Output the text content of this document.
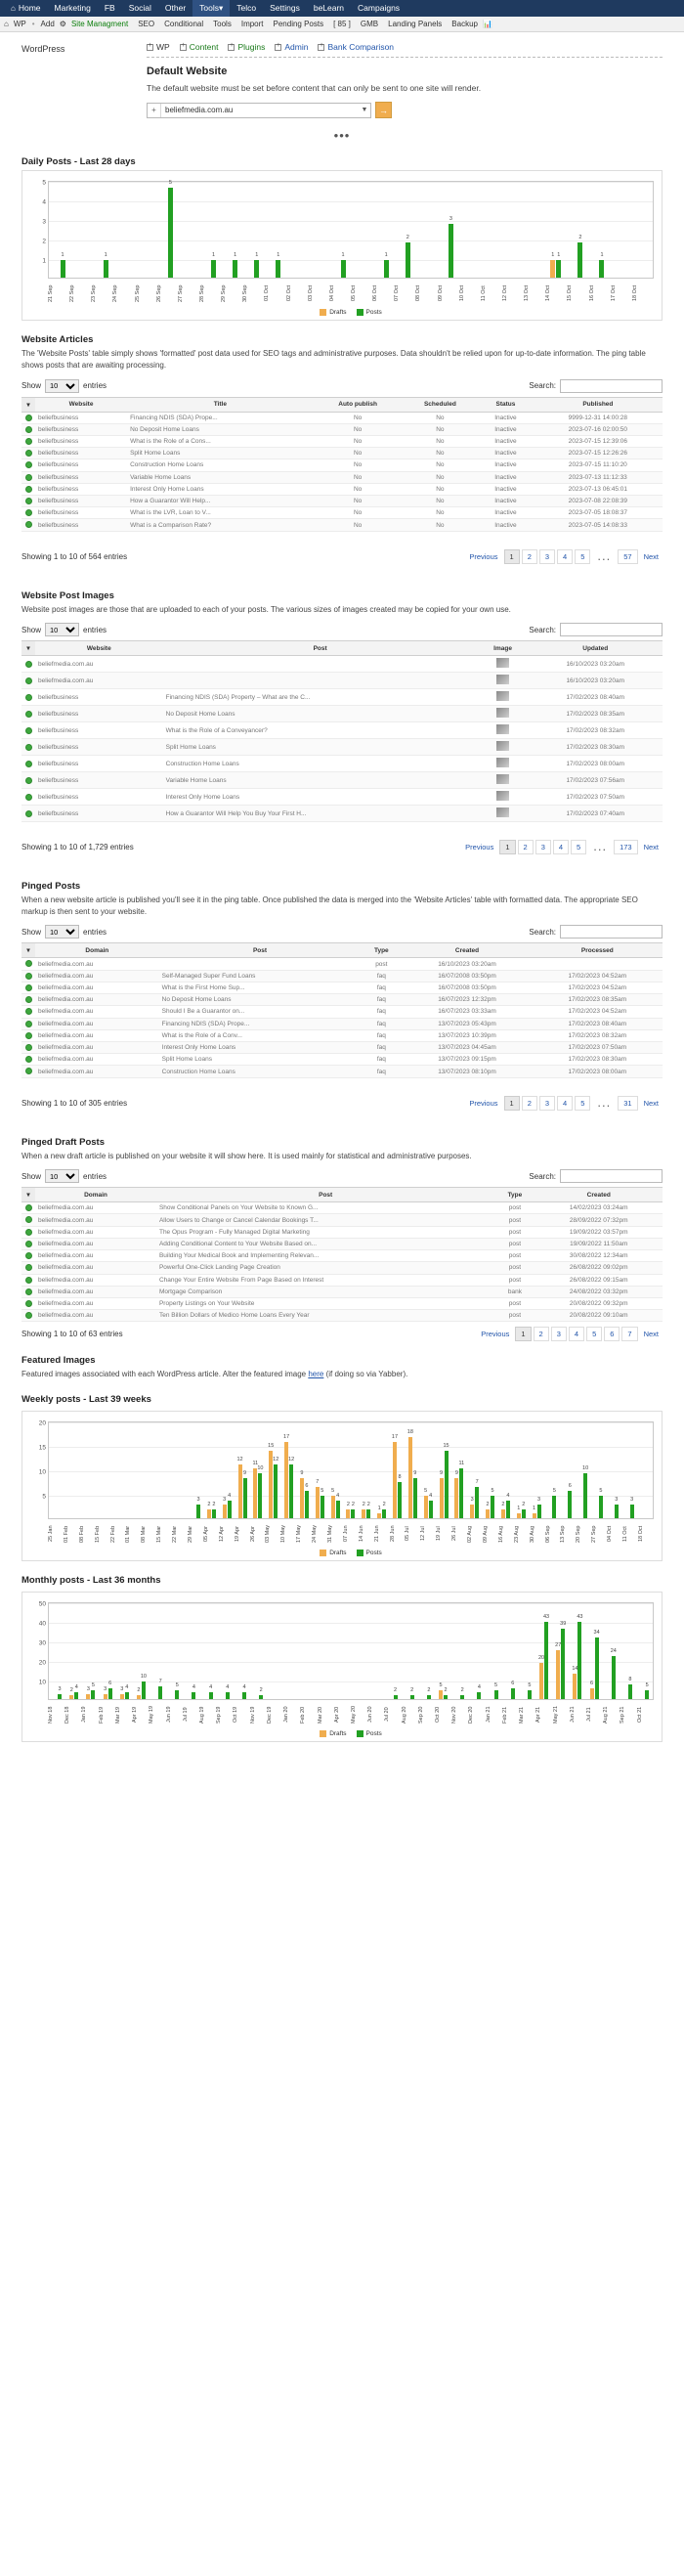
⌂ Home	Marketing	FB	Social	Other	Tools▾	Telco	Settings	beLearn	Campaigns
⌂ WP • Add ⚙ Site Managment	SEO	Conditional	Tools	Import	Pending Posts	[ 85 ]	GMB	Landing Panels	Backup 📊
WordPress +	WP + Content + Plugins + Admin + Bank Comparison
Default Website
The default website must be set before content that can only be sent to one site will render.
+	beliefmedia.com.au	▼	→
•••
Daily Posts - Last 28 days
1
2
3
4
5
1	1
5
1	1	1	1	1	1
2
3
1 1
2
1
21 Sep	22 Sep	23 Sep	24 Sep	25 Sep	26 Sep	27 Sep	28 Sep	29 Sep	30 Sep	01 Oct	02 Oct	03 Oct	04 Oct	05 Oct	06 Oct	07 Oct	08 Oct	09 Oct	10 Oct	11 Oct	12 Oct	13 Oct	14 Oct	15 Oct	16 Oct	17 Oct	18 Oct
Drafts	Posts
Website Articles
The 'Website Posts' table simply shows 'formatted' post data used for SEO tags and administrative purposes. Data shouldn't be relied upon for up-to-date information. The ping table shows posts that are awaiting processing.
Show
10	entries	Search:
▾	Website	Title	Auto publish	Scheduled	Status	Published
	beliefbusiness	Financing NDIS (SDA) Prope...	No	No	Inactive	9999-12-31 14:00:28
	beliefbusiness	No Deposit Home Loans	No	No	Inactive	2023-07-16 02:00:50
	beliefbusiness	What is the Role of a Cons...	No	No	Inactive	2023-07-15 12:39:06
	beliefbusiness	Split Home Loans	No	No	Inactive	2023-07-15 12:26:26
	beliefbusiness	Construction Home Loans	No	No	Inactive	2023-07-15 11:10:20
	beliefbusiness	Variable Home Loans	No	No	Inactive	2023-07-13 11:12:33
	beliefbusiness	Interest Only Home Loans	No	No	Inactive	2023-07-13 06:45:01
	beliefbusiness	How a Guarantor Will Help...	No	No	Inactive	2023-07-08 22:08:39
	beliefbusiness	What is the LVR, Loan to V...	No	No	Inactive	2023-07-05 18:08:37
	beliefbusiness	What is a Comparison Rate?	No	No	Inactive	2023-07-05 14:08:33
Showing 1 to 10 of 564 entries	Previous	1	2	3	4	5	...	57	Next
Website Post Images
Website post images are those that are uploaded to each of your posts. The various sizes of images created may be copied for your own use.
Show
10	entries	Search:
▾	Website	Post	Image	Updated
	beliefmedia.com.au			16/10/2023 03:20am
	beliefmedia.com.au			16/10/2023 03:20am
	beliefbusiness	Financing NDIS (SDA) Property – What are the C...		17/02/2023 08:40am
	beliefbusiness	No Deposit Home Loans		17/02/2023 08:35am
	beliefbusiness	What is the Role of a Conveyancer?		17/02/2023 08:32am
	beliefbusiness	Split Home Loans		17/02/2023 08:30am
	beliefbusiness	Construction Home Loans		17/02/2023 08:00am
	beliefbusiness	Variable Home Loans		17/02/2023 07:56am
	beliefbusiness	Interest Only Home Loans		17/02/2023 07:50am
	beliefbusiness	How a Guarantor Will Help You Buy Your First H...		17/02/2023 07:40am
Showing 1 to 10 of 1,729 entries	Previous	1	2	3	4	5	...	173	Next
Pinged Posts
When a new website article is published you'll see it in the ping table. Once published the data is merged into the 'Website Articles' table with formatted data. The appropriate SEO markup is then sent to your website.
Show
10	entries	Search:
▾	Domain	Post	Type	Created	Processed
	beliefmedia.com.au		post	16/10/2023 03:20am	
	beliefmedia.com.au	Self-Managed Super Fund Loans	faq	16/07/2008 03:50pm	17/02/2023 04:52am
	beliefmedia.com.au	What is the First Home Sup...	faq	16/07/2008 03:50pm	17/02/2023 04:52am
	beliefmedia.com.au	No Deposit Home Loans	faq	16/07/2023 12:32pm	17/02/2023 08:35am
	beliefmedia.com.au	Should I Be a Guarantor on...	faq	16/07/2023 03:33am	17/02/2023 04:52am
	beliefmedia.com.au	Financing NDIS (SDA) Prope...	faq	13/07/2023 05:43pm	17/02/2023 08:40am
	beliefmedia.com.au	What is the Role of a Conv...	faq	13/07/2023 10:39pm	17/02/2023 08:32am
	beliefmedia.com.au	Interest Only Home Loans	faq	13/07/2023 04:45am	17/02/2023 07:50am
	beliefmedia.com.au	Split Home Loans	faq	13/07/2023 09:15pm	17/02/2023 08:30am
	beliefmedia.com.au	Construction Home Loans	faq	13/07/2023 08:10pm	17/02/2023 08:00am
Showing 1 to 10 of 305 entries	Previous	1	2	3	4	5	...	31	Next
Pinged Draft Posts
When a new draft article is published on your website it will show here. It is used mainly for statistical and administrative purposes.
Show
10	entries	Search:
▾	Domain	Post	Type	Created
	beliefmedia.com.au	Show Conditional Panels on Your Website to Known G...	post	14/02/2023 03:24am
	beliefmedia.com.au	Allow Users to Change or Cancel Calendar Bookings T...	post	28/09/2022 07:32pm
	beliefmedia.com.au	The Opus Program - Fully Managed Digital Marketing	post	19/09/2022 03:57pm
	beliefmedia.com.au	Adding Conditional Content to Your Website Based on...	post	19/09/2022 11:50am
	beliefmedia.com.au	Building Your Medical Book and Implementing Relevan...	post	30/08/2022 12:34am
	beliefmedia.com.au	Powerful One-Click Landing Page Creation	post	26/08/2022 09:02pm
	beliefmedia.com.au	Change Your Entire Website From Page Based on Interest	post	26/08/2022 09:15am
	beliefmedia.com.au	Mortgage Comparison	bank	24/08/2022 03:32pm
	beliefmedia.com.au	Property Listings on Your Website	post	20/08/2022 09:32pm
	beliefmedia.com.au	Ten Billion Dollars of Medico Home Loans Every Year	post	20/08/2022 09:10am
Showing 1 to 10 of 63 entries	Previous	1	2	3	4	5	6	7	Next
Featured Images
Featured images associated with each WordPress article. Alter the featured image here (if doing so via Yabber).
Weekly posts - Last 39 weeks
5
10
15
20
3
2 2
3
4
12
9
11
10
15
12
17
12
9
6
7
5 5
4
2 2 2 2
1
2
17
8
18
9
5
4
9
15
9
11
3
7
2
5
2
4
1
2
1
3
5
6
10
5
3 3
25 Jan	01 Feb	08 Feb	15 Feb	22 Feb	01 Mar	08 Mar	15 Mar	22 Mar	29 Mar	05 Apr	12 Apr	19 Apr	26 Apr	03 May	10 May	17 May	24 May	31 May	07 Jun	14 Jun	21 Jun	28 Jun	05 Jul	12 Jul	19 Jul	26 Jul	02 Aug	09 Aug	16 Aug	23 Aug	30 Aug	06 Sep	13 Sep	20 Sep	27 Sep	04 Oct	11 Oct	18 Oct
Drafts	Posts
Monthly posts - Last 36 months
10
20
30
40
50
3 2
4 3
5
3
6
3 4
2
10
7
5	4	4	4	4
2	2	2	2
5
2	2
4	5	6	5
20
43
27
39
14
43
6
34
24
8
5
Nov 18	Dec 18	Jan 19	Feb 19	Mar 19	Apr 19	May 19	Jun 19	Jul 19	Aug 19	Sep 19	Oct 19	Nov 19	Dec 19	Jan 20	Feb 20	Mar 20	Apr 20	May 20	Jun 20	Jul 20	Aug 20	Sep 20	Oct 20	Nov 20	Dec 20	Jan 21	Feb 21	Mar 21	Apr 21	May 21	Jun 21	Jul 21	Aug 21	Sep 21	Oct 21
Drafts	Posts
